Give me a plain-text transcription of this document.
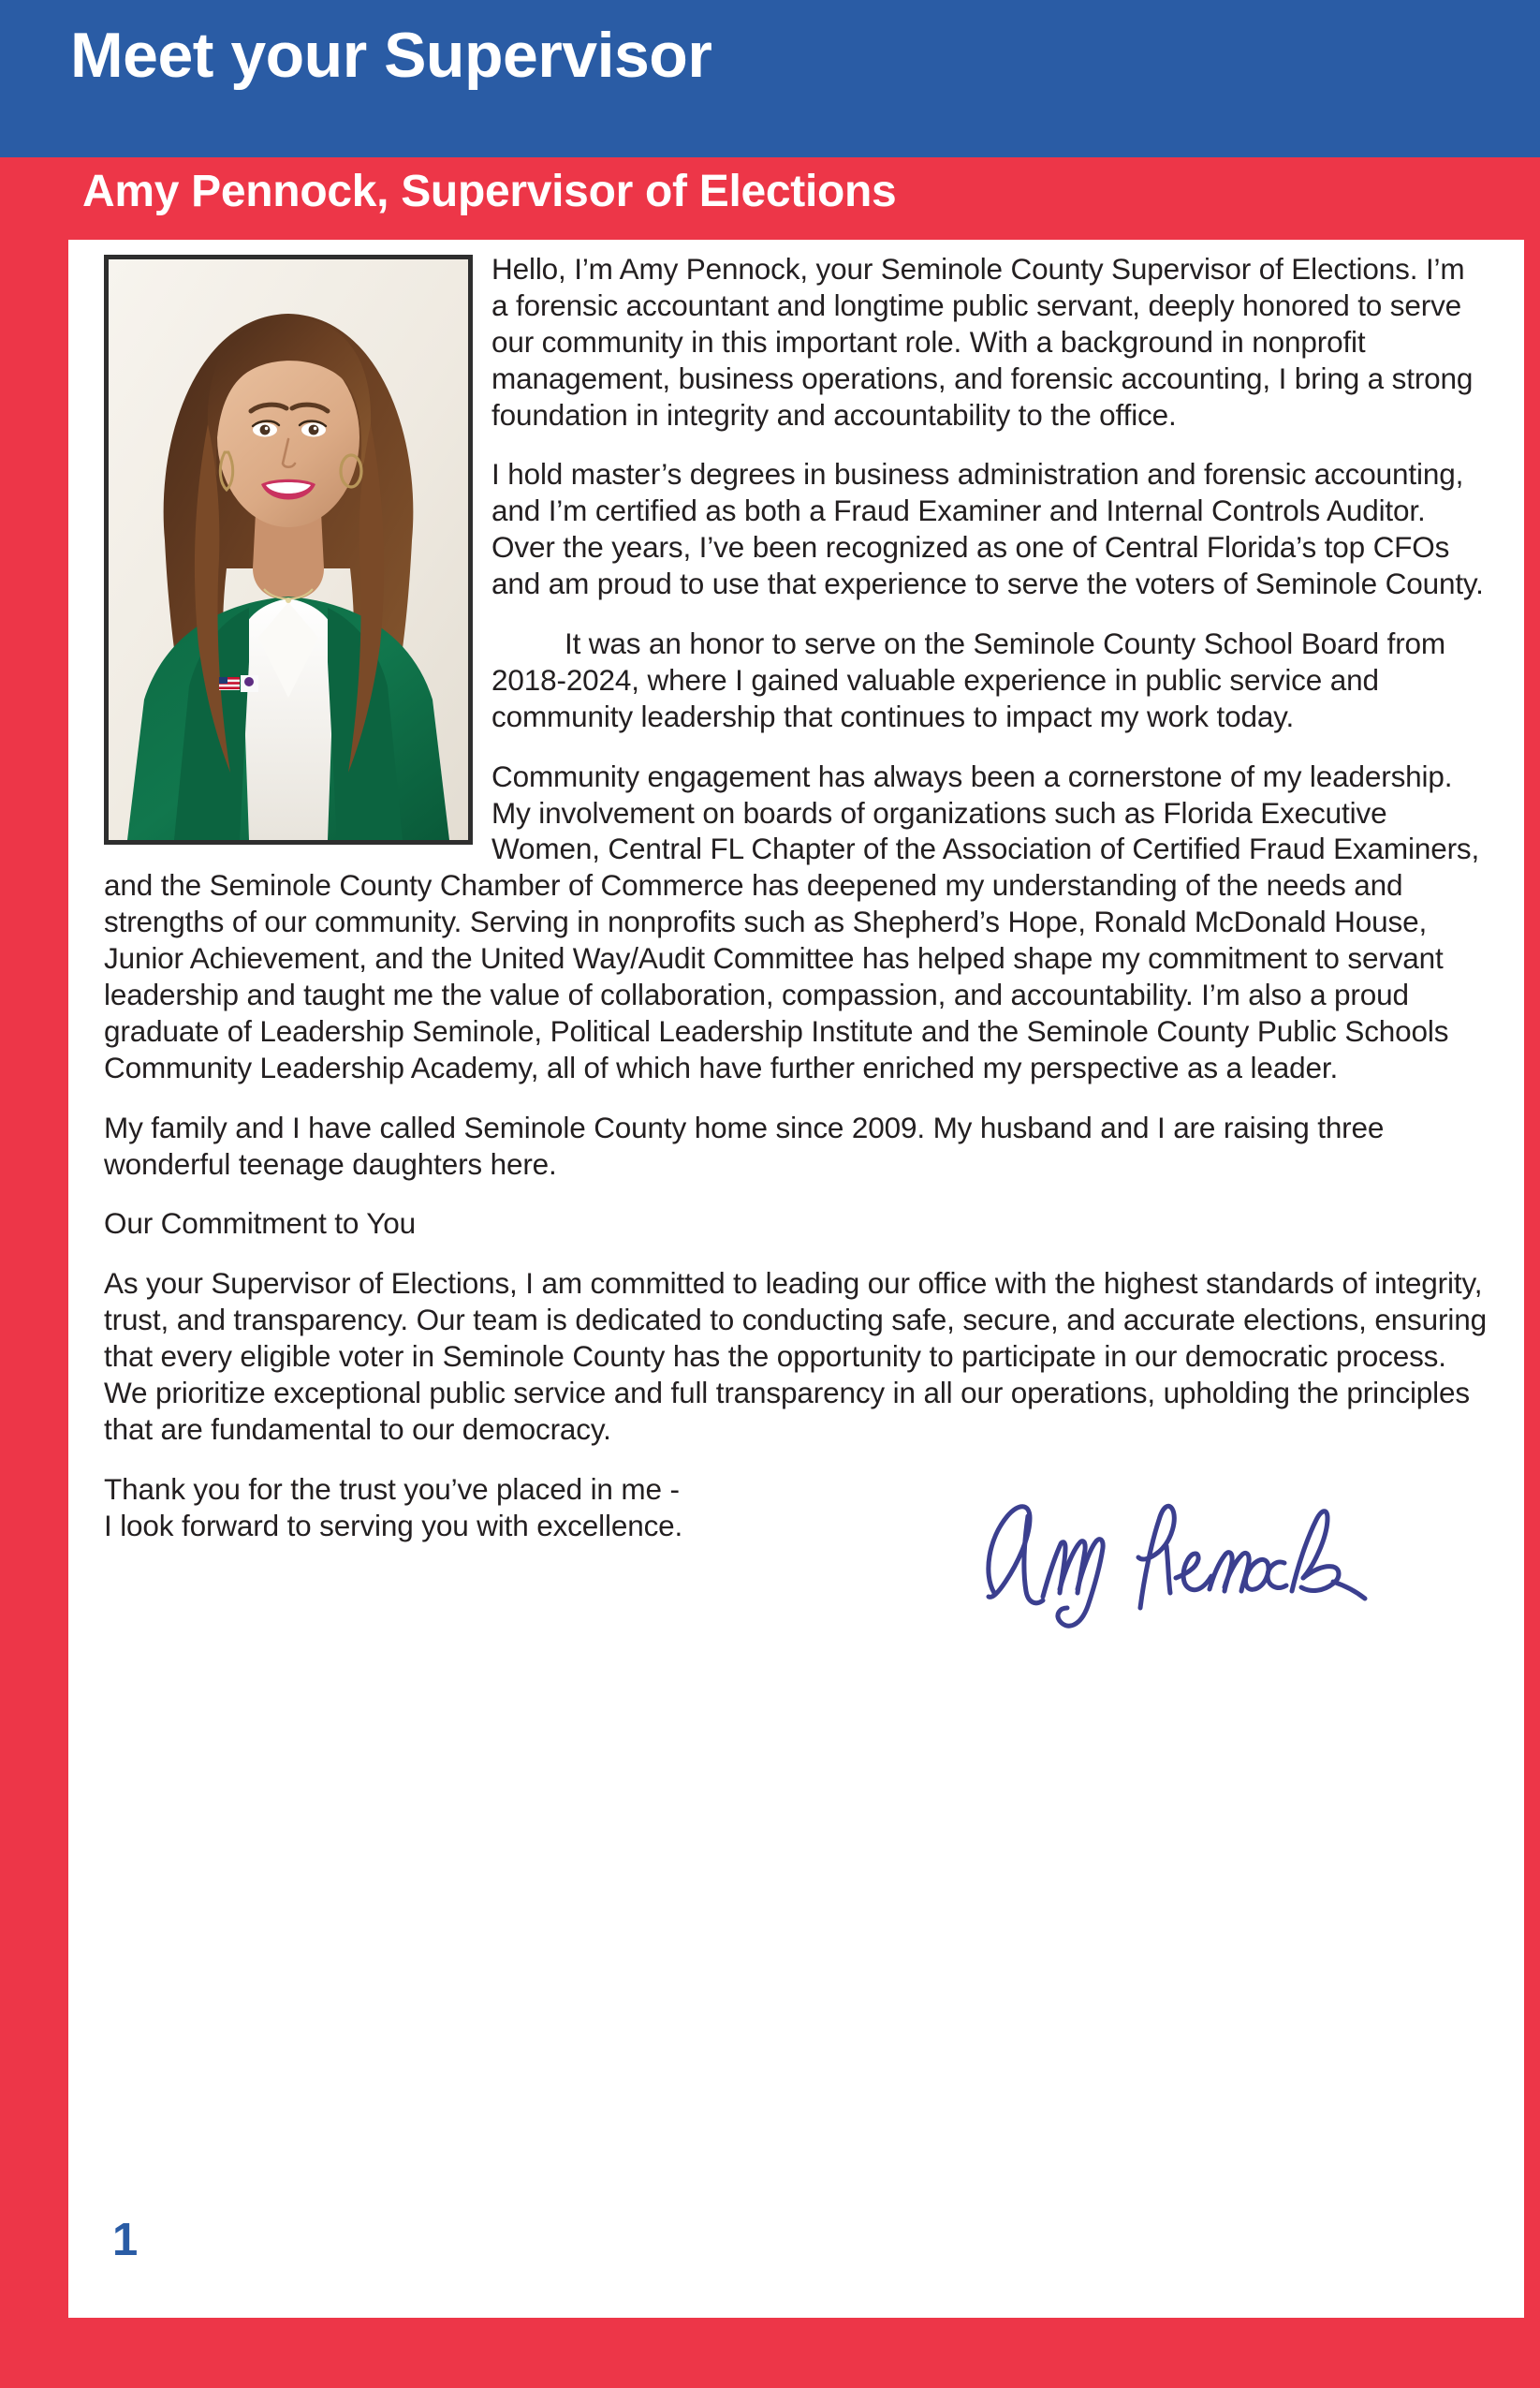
Meet your Supervisor
Amy Pennock, Supervisor of Elections

Hello, I’m Amy Pennock, your Seminole County Supervisor of Elections. I’m a forensic accountant and longtime public servant, deeply honored to serve our community in this important role. With a background in nonprofit management, business operations, and forensic accounting, I bring a strong foundation in integrity and accountability to the office.

I hold master’s degrees in business administration and forensic accounting, and I’m certified as both a Fraud Examiner and Internal Controls Auditor. Over the years, I’ve been recognized as one of Central Florida’s top CFOs and am proud to use that experience to serve the voters of Seminole County.

It was an honor to serve on the Seminole County School Board from 2018-2024, where I gained valuable experience in public service and community leadership that continues to impact my work today.

Community engagement has always been a cornerstone of my leadership. My involvement on boards of organizations such as Florida Executive Women, Central FL Chapter of the Association of Certified Fraud Examiners, and the Seminole County Chamber of Commerce has deepened my understanding of the needs and strengths of our community. Serving in nonprofits such as Shepherd’s Hope, Ronald McDonald House, Junior Achievement, and the United Way/Audit Committee has helped shape my commitment to servant leadership and taught me the value of collaboration, compassion, and accountability. I’m also a proud graduate of Leadership Seminole, Political Leadership Institute and the Seminole County Public Schools Community Leadership Academy, all of which have further enriched my perspective as a leader.

My family and I have called Seminole County home since 2009. My husband and I are raising three wonderful teenage daughters here.

Our Commitment to You

As your Supervisor of Elections, I am committed to leading our office with the highest standards of integrity, trust, and transparency. Our team is dedicated to conducting safe, secure, and accurate elections, ensuring that every eligible voter in Seminole County has the opportunity to participate in our democratic process. We prioritize exceptional public service and full transparency in all our operations, upholding the principles that are fundamental to our democracy.

Thank you for the trust you’ve placed in me -
I look forward to serving you with excellence.
1
